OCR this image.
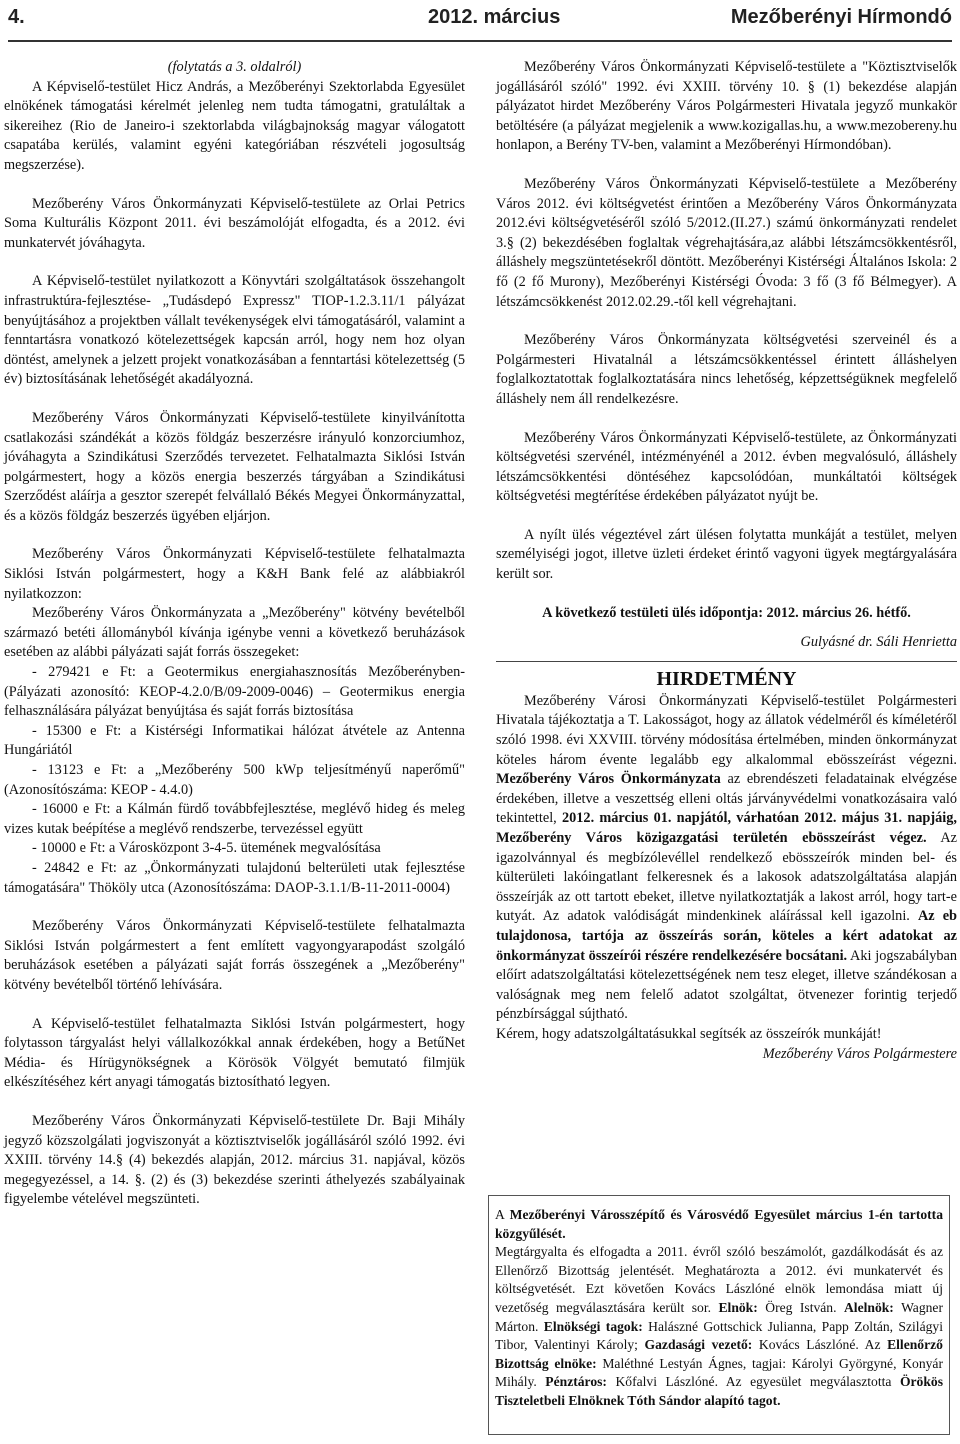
4.	2012. március	Mezőberényi Hírmondó

(folytatás a 3. oldalról)

A Képviselő-testület Hicz András, a Mezőberényi Szektorlabda Egyesület elnökének támogatási kérelmét jelenleg nem tudta támogatni, gratuláltak a sikereihez (Rio de Janeiro-i szektorlabda világbajnokság magyar válogatott csapatába kerülés, valamint egyéni kategóriában részvételi jogosultság megszerzése).

Mezőberény Város Önkormányzati Képviselő-testülete az Orlai Petrics Soma Kulturális Központ 2011. évi beszámolóját elfogadta, és a 2012. évi munkatervét jóváhagyta.

A Képviselő-testület nyilatkozott a Könyvtári szolgáltatások összehangolt infrastruktúra-fejlesztése- „Tudásdepó Expressz" TIOP-1.2.3.11/1 pályázat benyújtásához a projektben vállalt tevékenységek elvi támogatásáról, valamint a fenntartásra vonatkozó kötelezettségek kapcsán arról, hogy nem hoz olyan döntést, amelynek a jelzett projekt vonatkozásában a fenntartási kötelezettség (5 év) biztosításának lehetőségét akadályozná.

Mezőberény Város Önkormányzati Képviselő-testülete kinyilvánította csatlakozási szándékát a közös földgáz beszerzésre irányuló konzorciumhoz, jóváhagyta a Szindikátusi Szerződés tervezetet. Felhatalmazta Siklósi István polgármestert, hogy a közös energia beszerzés tárgyában a Szindikátusi Szerződést aláírja a gesztor szerepét felvállaló Békés Megyei Önkormányzattal, és a közös földgáz beszerzés ügyében eljárjon.

Mezőberény Város Önkormányzati Képviselő-testülete felhatalmazta Siklósi István polgármestert, hogy a K&H Bank felé az alábbiakról nyilatkozzon:

Mezőberény Város Önkormányzata a „Mezőberény" kötvény bevételből származó betéti állományból kívánja igénybe venni a következő beruházások esetében az alábbi pályázati saját forrás összegeket:

- 279421 e Ft: a Geotermikus energiahasznosítás Mezőberényben- (Pályázati azonosító: KEOP-4.2.0/B/09-2009-0046) – Geotermikus energia felhasználására pályázat benyújtása és saját forrás biztosítása

- 15300 e Ft: a Kistérségi Informatikai hálózat átvétele az Antenna Hungáriától

- 13123 e Ft: a „Mezőberény 500 kWp teljesítményű naperőmű" (Azonosítószáma: KEOP - 4.4.0)

- 16000 e Ft: a Kálmán fürdő továbbfejlesztése, meglévő hideg és meleg vizes kutak beépítése a meglévő rendszerbe, tervezéssel együtt

- 10000 e Ft: a Városközpont 3-4-5. ütemének megvalósítása

- 24842 e Ft: az „Önkormányzati tulajdonú belterületi utak fejlesztése támogatására" Thököly utca (Azonosítószáma: DAOP-3.1.1/B-11-2011-0004)

Mezőberény Város Önkormányzati Képviselő-testülete felhatalmazta Siklósi István polgármestert a fent említett vagyongyarapodást szolgáló beruházások esetében a pályázati saját forrás összegének a „Mezőberény" kötvény bevételből történő lehívására.

A Képviselő-testület felhatalmazta Siklósi István polgármestert, hogy folytasson tárgyalást helyi vállalkozókkal annak érdekében, hogy a BetűNet Média- és Hírügynökségnek a Körösök Völgyét bemutató filmjük elkészítéséhez kért anyagi támogatás biztosítható legyen.

Mezőberény Város Önkormányzati Képviselő-testülete Dr. Baji Mihály jegyző közszolgálati jogviszonyát a köztisztviselők jogállásáról szóló 1992. évi XXIII. törvény 14.§ (4) bekezdés alapján, 2012. március 31. napjával, közös megegyezéssel, a 14. §. (2) és (3) bekezdése szerinti áthelyezés szabályainak figyelembe vételével megszünteti.

Mezőberény Város Önkormányzati Képviselő-testülete a "Köztisztviselők jogállásáról szóló" 1992. évi XXIII. törvény 10. § (1) bekezdése alapján pályázatot hirdet Mezőberény Város Polgármesteri Hivatala jegyző munkakör betöltésére (a pályázat megjelenik a www.kozigallas.hu, a www.mezobereny.hu honlapon, a Berény TV-ben, valamint a Mezőberényi Hírmondóban).

Mezőberény Város Önkormányzati Képviselő-testülete a Mezőberény Város 2012. évi költségvetést érintően a Mezőberény Város Önkormányzata 2012.évi költségvetéséről szóló 5/2012.(II.27.) számú önkormányzati rendelet 3.§ (2) bekezdésében foglaltak végrehajtására,az alábbi létszámcsökkentésről, álláshely megszüntetésekről döntött. Mezőberényi Kistérségi Általános Iskola: 2 fő (2 fő Murony), Mezőberényi Kistérségi Óvoda: 3 fő (3 fő Bélmegyer). A létszámcsökkenést 2012.02.29.-től kell végrehajtani.

Mezőberény Város Önkormányzata költségvetési szerveinél és a Polgármesteri Hivatalnál a létszámcsökkentéssel érintett álláshelyen foglalkoztatottak foglalkoztatására nincs lehetőség, képzettségüknek megfelelő álláshely nem áll rendelkezésre.

Mezőberény Város Önkormányzati Képviselő-testülete, az Önkormányzati költségvetési szervénél, intézményénél a 2012. évben megvalósuló, álláshely létszámcsökkentési döntéséhez kapcsolódóan, munkáltatói költségek költségvetési megtérítése érdekében pályázatot nyújt be.

A nyílt ülés végeztével zárt ülésen folytatta munkáját a testület, melyen személyiségi jogot, illetve üzleti érdeket érintő vagyoni ügyek megtárgyalására került sor.

A következő testületi ülés időpontja: 2012. március 26. hétfő.

Gulyásné dr. Sáli Henrietta

HIRDETMÉNY

Mezőberény Városi Önkormányzati Képviselő-testület Polgármesteri Hivatala tájékoztatja a T. Lakosságot, hogy az állatok védelméről és kíméletéről szóló 1998. évi XXVIII. törvény módosítása értelmében, minden önkormányzat köteles három évente legalább egy alkalommal ebösszeírást végezni. Mezőberény Város Önkormányzata az ebrendészeti feladatainak elvégzése érdekében, illetve a veszettség elleni oltás járványvédelmi vonatkozásaira való tekintettel, 2012. március 01. napjától, várhatóan 2012. május 31. napjáig, Mezőberény Város közigazgatási területén ebösszeírást végez. Az igazolvánnyal és megbízólevéllel rendelkező ebösszeírók minden bel- és külterületi lakóingatlant felkeresnek és a lakosok adatszolgáltatása alapján összeírják az ott tartott ebeket, illetve nyilatkoztatják a lakost arról, hogy tart-e kutyát. Az adatok valódiságát mindenkinek aláírással kell igazolni. Az eb tulajdonosa, tartója az összeírás során, köteles a kért adatokat az önkormányzat összeírói részére rendelkezésére bocsátani. Aki jogszabályban előírt adatszolgáltatási kötelezettségének nem tesz eleget, illetve szándékosan a valóságnak meg nem felelő adatot szolgáltat, ötvenezer forintig terjedő pénzbírsággal sújtható.

Kérem, hogy adatszolgáltatásukkal segítsék az összeírók munkáját!

Mezőberény Város Polgármestere

A Mezőberényi Városszépítő és Városvédő Egyesület március 1-én tartotta közgyűlését.
Megtárgyalta és elfogadta a 2011. évről szóló beszámolót, gazdálkodását és az Ellenőrző Bizottság jelentését. Meghatározta a 2012. évi munkatervét és költségvetését. Ezt követően Kovács Lászlóné elnök lemondása miatt új vezetőség megválasztására került sor. Elnök: Öreg István. Alelnök: Wagner Márton. Elnökségi tagok: Halászné Gottschick Julianna, Papp Zoltán, Szilágyi Tibor, Valentinyi Károly; Gazdasági vezető: Kovács Lászlóné. Az Ellenőrző Bizottság elnöke: Maléthné Lestyán Ágnes, tagjai: Károlyi Györgyné, Konyár Mihály. Pénztáros: Kőfalvi Lászlóné. Az egyesület megválasztotta Örökös Tiszteletbeli Elnöknek Tóth Sándor alapító tagot.
